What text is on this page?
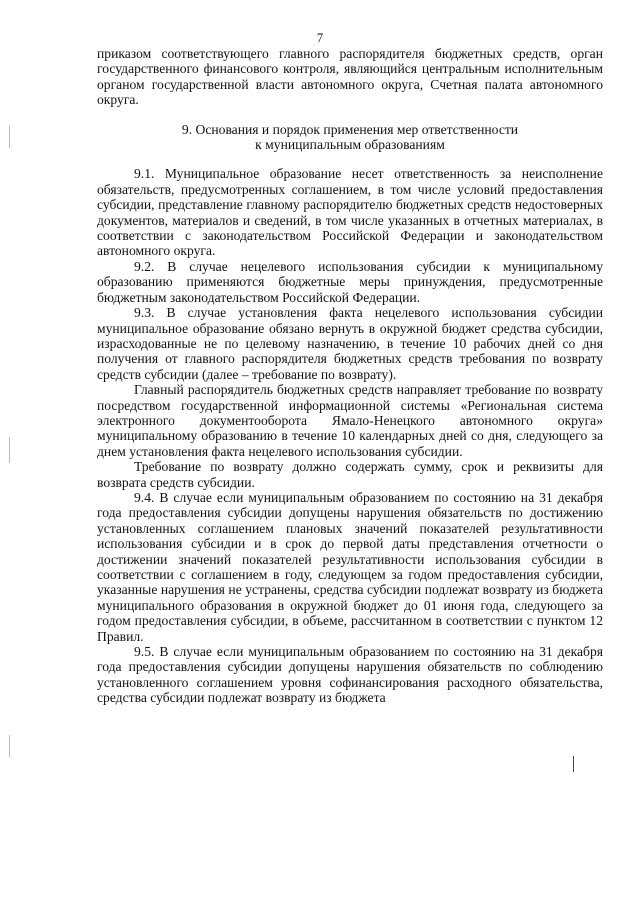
7

приказом соответствующего главного распорядителя бюджетных средств, орган государственного финансового контроля, являющийся центральным исполнительным органом государственной власти автономного округа, Счетная палата автономного округа.

9. Основания и порядок применения мер ответственности
к муниципальным образованиям

9.1. Муниципальное образование несет ответственность за неисполнение обязательств, предусмотренных соглашением, в том числе условий предоставления субсидии, представление главному распорядителю бюджетных средств недостоверных документов, материалов и сведений, в том числе указанных в отчетных материалах, в соответствии с законодательством Российской Федерации и законодательством автономного округа.

9.2. В случае нецелевого использования субсидии к муниципальному образованию применяются бюджетные меры принуждения, предусмотренные бюджетным законодательством Российской Федерации.

9.3. В случае установления факта нецелевого использования субсидии муниципальное образование обязано вернуть в окружной бюджет средства субсидии, израсходованные не по целевому назначению, в течение 10 рабочих дней со дня получения от главного распорядителя бюджетных средств требования по возврату средств субсидии (далее – требование по возврату).

Главный распорядитель бюджетных средств направляет требование по возврату посредством государственной информационной системы «Региональная система электронного документооборота Ямало-Ненецкого автономного округа» муниципальному образованию в течение 10 календарных дней со дня, следующего за днем установления факта нецелевого использования субсидии.

Требование по возврату должно содержать сумму, срок и реквизиты для возврата средств субсидии.

9.4. В случае если муниципальным образованием по состоянию на 31 декабря года предоставления субсидии допущены нарушения обязательств по достижению установленных соглашением плановых значений показателей результативности использования субсидии и в срок до первой даты представления отчетности о достижении значений показателей результативности использования субсидии в соответствии с соглашением в году, следующем за годом предоставления субсидии, указанные нарушения не устранены, средства субсидии подлежат возврату из бюджета муниципального образования в окружной бюджет до 01 июня года, следующего за годом предоставления субсидии, в объеме, рассчитанном в соответствии с пунктом 12 Правил.

9.5. В случае если муниципальным образованием по состоянию на 31 декабря года предоставления субсидии допущены нарушения обязательств по соблюдению установленного соглашением уровня софинансирования расходного обязательства, средства субсидии подлежат возврату из бюджета
